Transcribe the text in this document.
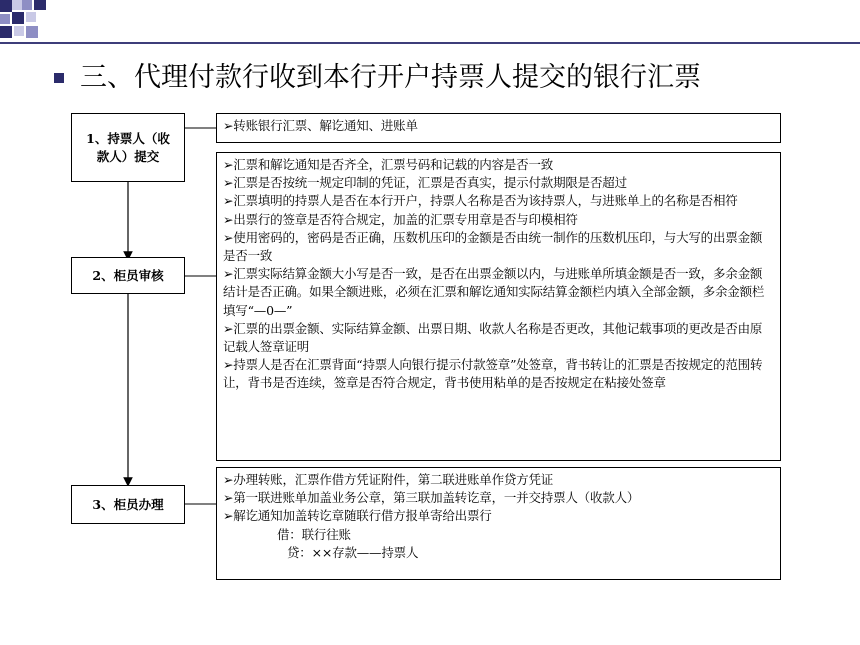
三、代理付款行收到本行开户持票人提交的银行汇票
1、持票人（收款人）提交
2、柜员审核
3、柜员办理
➢转账银行汇票、解讫通知、进账单
➢汇票和解讫通知是否齐全，汇票号码和记载的内容是否一致
➢汇票是否按统一规定印制的凭证，汇票是否真实，提示付款期限是否超过
➢汇票填明的持票人是否在本行开户，持票人名称是否为该持票人，与进账单上的名称是否相符
➢出票行的签章是否符合规定，加盖的汇票专用章是否与印模相符
➢使用密码的，密码是否正确，压数机压印的金额是否由统一制作的压数机压印，与大写的出票金额是否一致
➢汇票实际结算金额大小写是否一致，是否在出票金额以内，与进账单所填金额是否一致，多余金额结计是否正确。如果全额进账，必须在汇票和解讫通知实际结算金额栏内填入全部金额，多余金额栏填写“—0—”
➢汇票的出票金额、实际结算金额、出票日期、收款人名称是否更改，其他记载事项的更改是否由原记载人签章证明
➢持票人是否在汇票背面“持票人向银行提示付款签章”处签章，背书转让的汇票是否按规定的范围转让，背书是否连续，签章是否符合规定，背书使用粘单的是否按规定在粘接处签章
➢办理转账，汇票作借方凭证附件，第二联进账单作贷方凭证
➢第一联进账单加盖业务公章，第三联加盖转讫章，一并交持票人（收款人）
➢解讫通知加盖转讫章随联行借方报单寄给出票行
借：联行往账
贷：××存款——持票人
